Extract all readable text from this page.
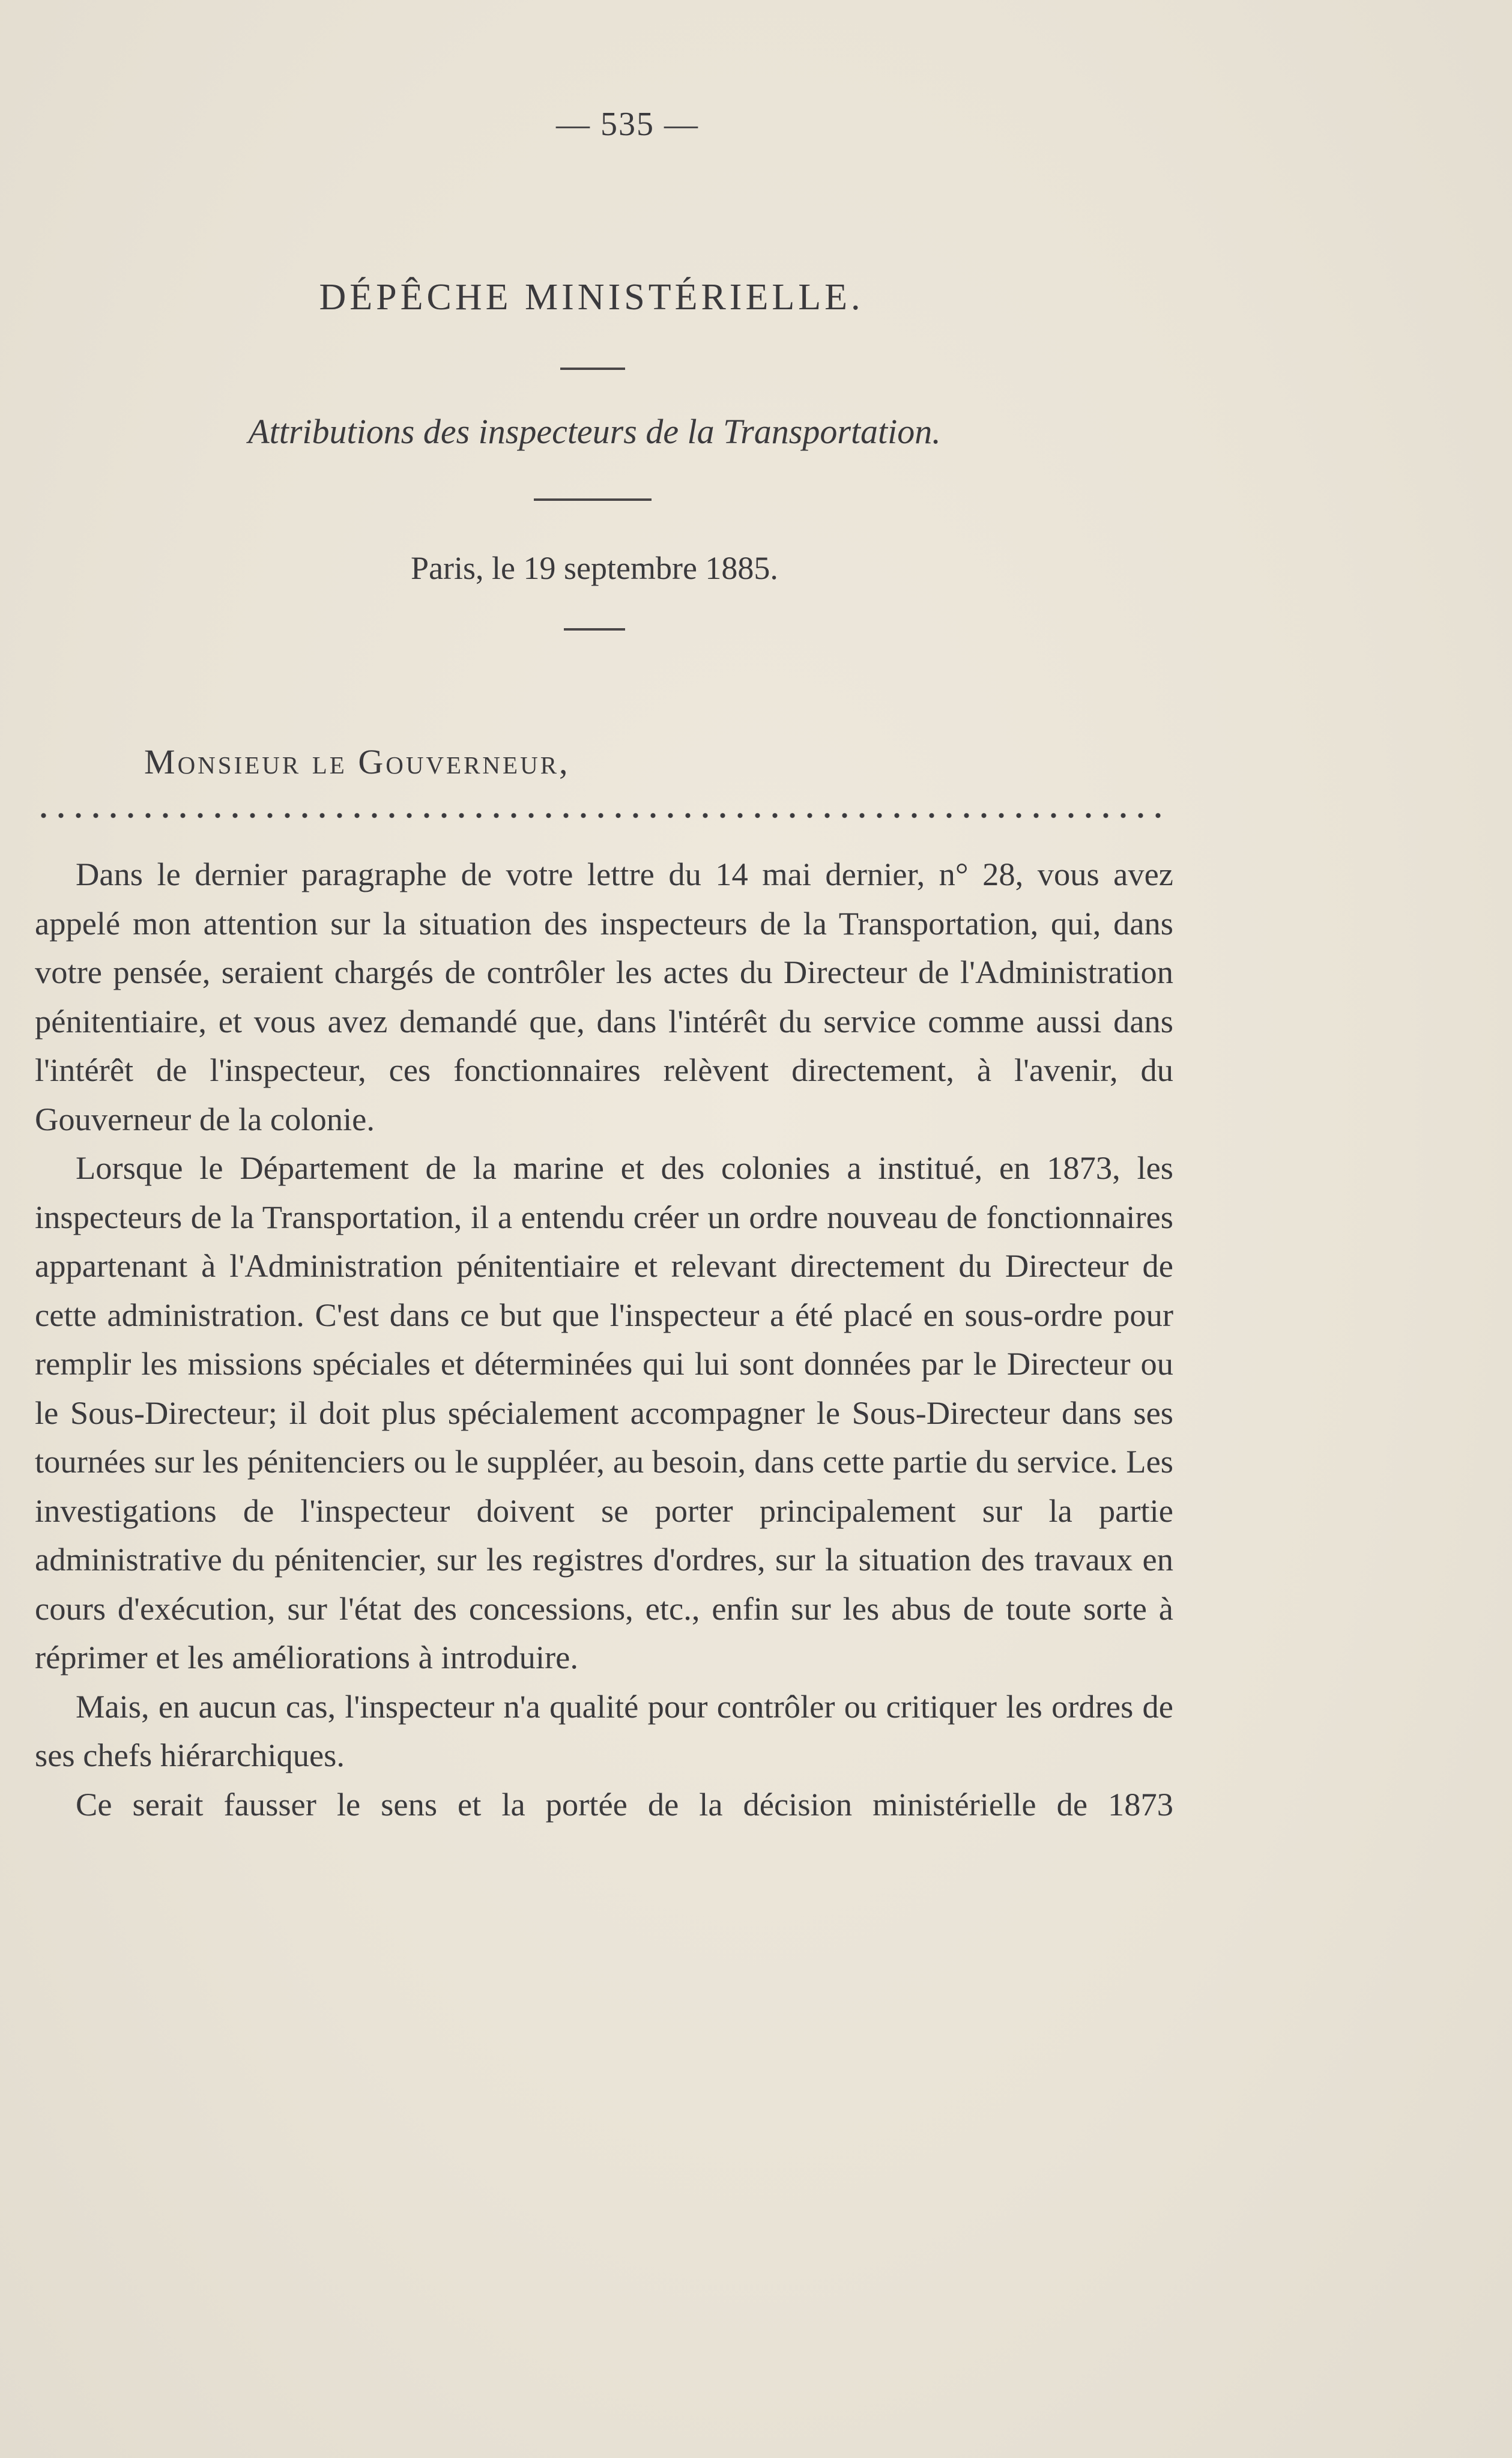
— 535 —
DÉPÊCHE MINISTÉRIELLE.
Attributions des inspecteurs de la Transportation.
Paris, le 19 septembre 1885.
Monsieur le Gouverneur,

Dans le dernier paragraphe de votre lettre du 14 mai dernier, n° 28, vous avez appelé mon attention sur la situation des inspecteurs de la Transportation, qui, dans votre pensée, seraient chargés de contrôler les actes du Directeur de l'Administration pénitentiaire, et vous avez demandé que, dans l'intérêt du service comme aussi dans l'intérêt de l'inspecteur, ces fonctionnaires relèvent directement, à l'avenir, du Gouverneur de la colonie.

Lorsque le Département de la marine et des colonies a institué, en 1873, les inspecteurs de la Transportation, il a entendu créer un ordre nouveau de fonctionnaires appartenant à l'Administration pénitentiaire et relevant directement du Directeur de cette administration. C'est dans ce but que l'inspecteur a été placé en sous-ordre pour remplir les missions spéciales et déterminées qui lui sont données par le Directeur ou le Sous-Directeur; il doit plus spécialement accompagner le Sous-Directeur dans ses tournées sur les pénitenciers ou le suppléer, au besoin, dans cette partie du service. Les investigations de l'inspecteur doivent se porter principalement sur la partie administrative du pénitencier, sur les registres d'ordres, sur la situation des travaux en cours d'exécution, sur l'état des concessions, etc., enfin sur les abus de toute sorte à réprimer et les améliorations à introduire.

Mais, en aucun cas, l'inspecteur n'a qualité pour contrôler ou critiquer les ordres de ses chefs hiérarchiques.

Ce serait fausser le sens et la portée de la décision ministérielle de 1873
